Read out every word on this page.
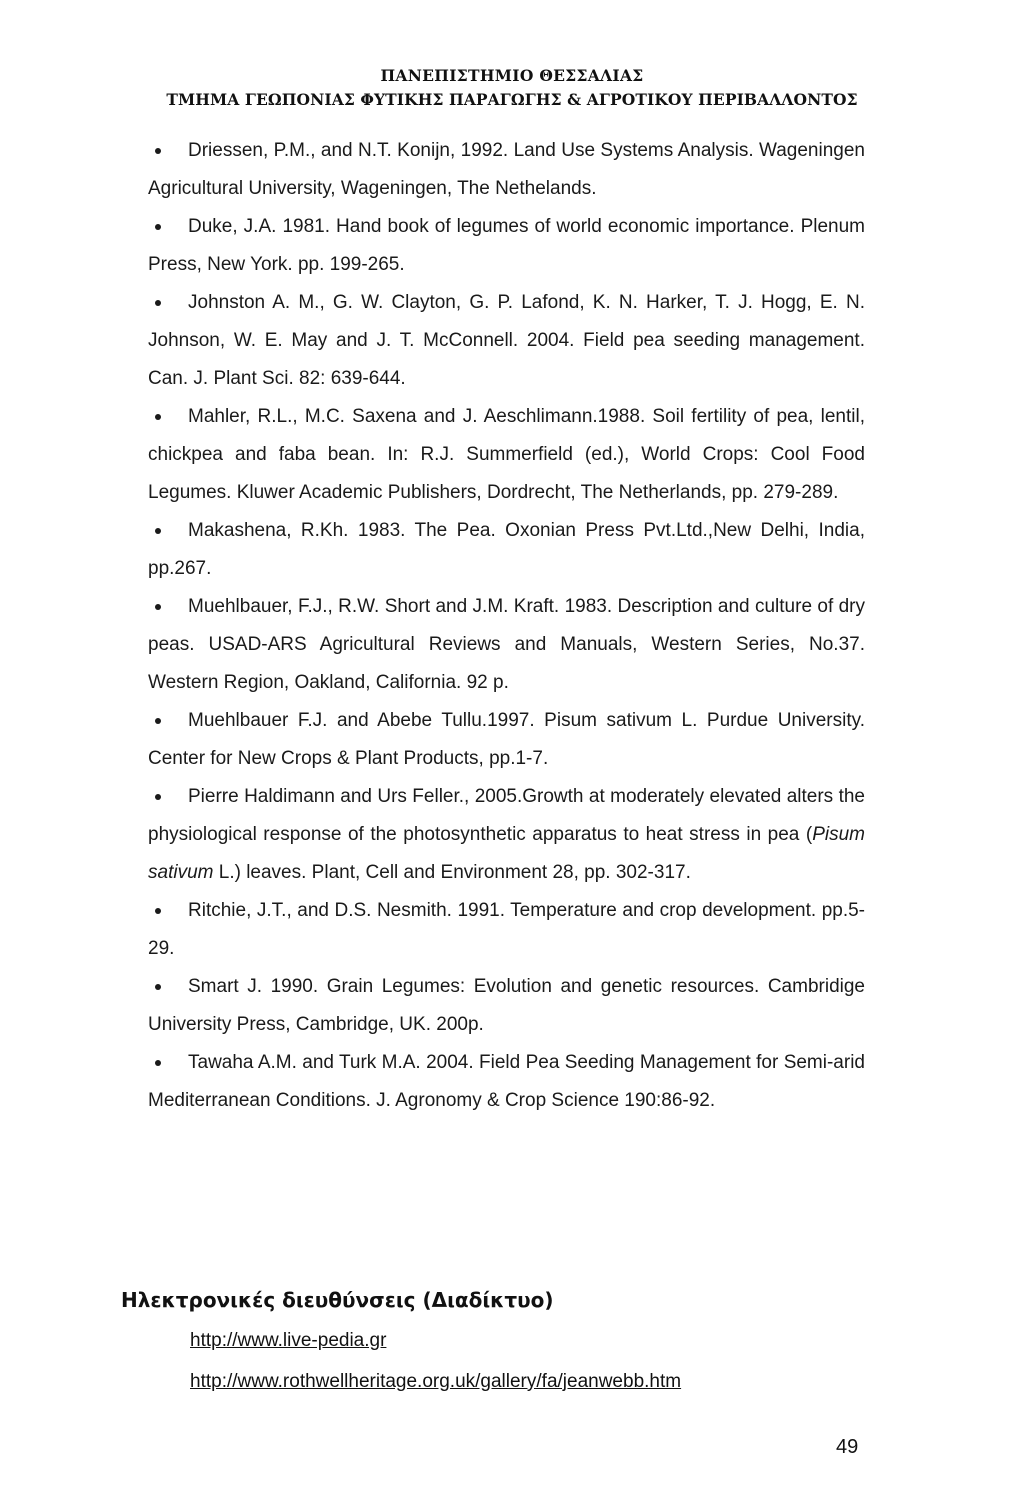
ΠΑΝΕΠΙΣΤΗΜΙΟ ΘΕΣΣΑΛΙΑΣ

ΤΜΗΜΑ ΓΕΩΠΟΝΙΑΣ ΦΥΤΙΚΗΣ ΠΑΡΑΓΩΓΗΣ & ΑΓΡΟΤΙΚΟΥ ΠΕΡΙΒΑΛΛΟΝΤΟΣ

Driessen, P.M., and N.T. Konijn, 1992. Land Use Systems Analysis. Wageningen Agricultural University, Wageningen, The Nethelands.
Duke, J.A. 1981. Hand book of legumes of world economic importance. Plenum Press, New York. pp. 199-265.
Johnston A. M., G. W. Clayton, G. P. Lafond, K. N. Harker, T. J. Hogg, E. N. Johnson, W. E. May and J. T. McConnell. 2004. Field pea seeding management. Can. J. Plant Sci. 82: 639-644.
Mahler, R.L., M.C. Saxena and J. Aeschlimann.1988. Soil fertility of pea, lentil, chickpea and faba bean. In: R.J. Summerfield (ed.), World Crops: Cool Food Legumes. Kluwer Academic Publishers, Dordrecht, The Netherlands, pp. 279-289.
Makashena, R.Kh. 1983. The Pea. Oxonian Press Pvt.Ltd.,New Delhi, India, pp.267.
Muehlbauer, F.J., R.W. Short and J.M. Kraft. 1983. Description and culture of dry peas. USAD-ARS Agricultural Reviews and Manuals, Western Series, No.37. Western Region, Oakland, California. 92 p.
Muehlbauer F.J. and Abebe Tullu.1997. Pisum sativum L. Purdue University. Center for New Crops & Plant Products, pp.1-7.
Pierre Haldimann and Urs Feller., 2005.Growth at moderately elevated alters the physiological response of the photosynthetic apparatus to heat stress in pea (Pisum sativum L.) leaves. Plant, Cell and Environment 28, pp. 302-317.
Ritchie, J.T., and D.S. Nesmith. 1991. Temperature and crop development. pp.5-29.
Smart J. 1990. Grain Legumes: Evolution and genetic resources. Cambridige University Press, Cambridge, UK. 200p.
Tawaha A.M. and Turk M.A. 2004. Field Pea Seeding Management for Semi-arid Mediterranean Conditions. J. Agronomy & Crop Science 190:86-92.

Ηλεκτρονικές διευθύνσεις (Διαδίκτυο)

http://www.live-pedia.gr
http://www.rothwellheritage.org.uk/gallery/fa/jeanwebb.htm

49
